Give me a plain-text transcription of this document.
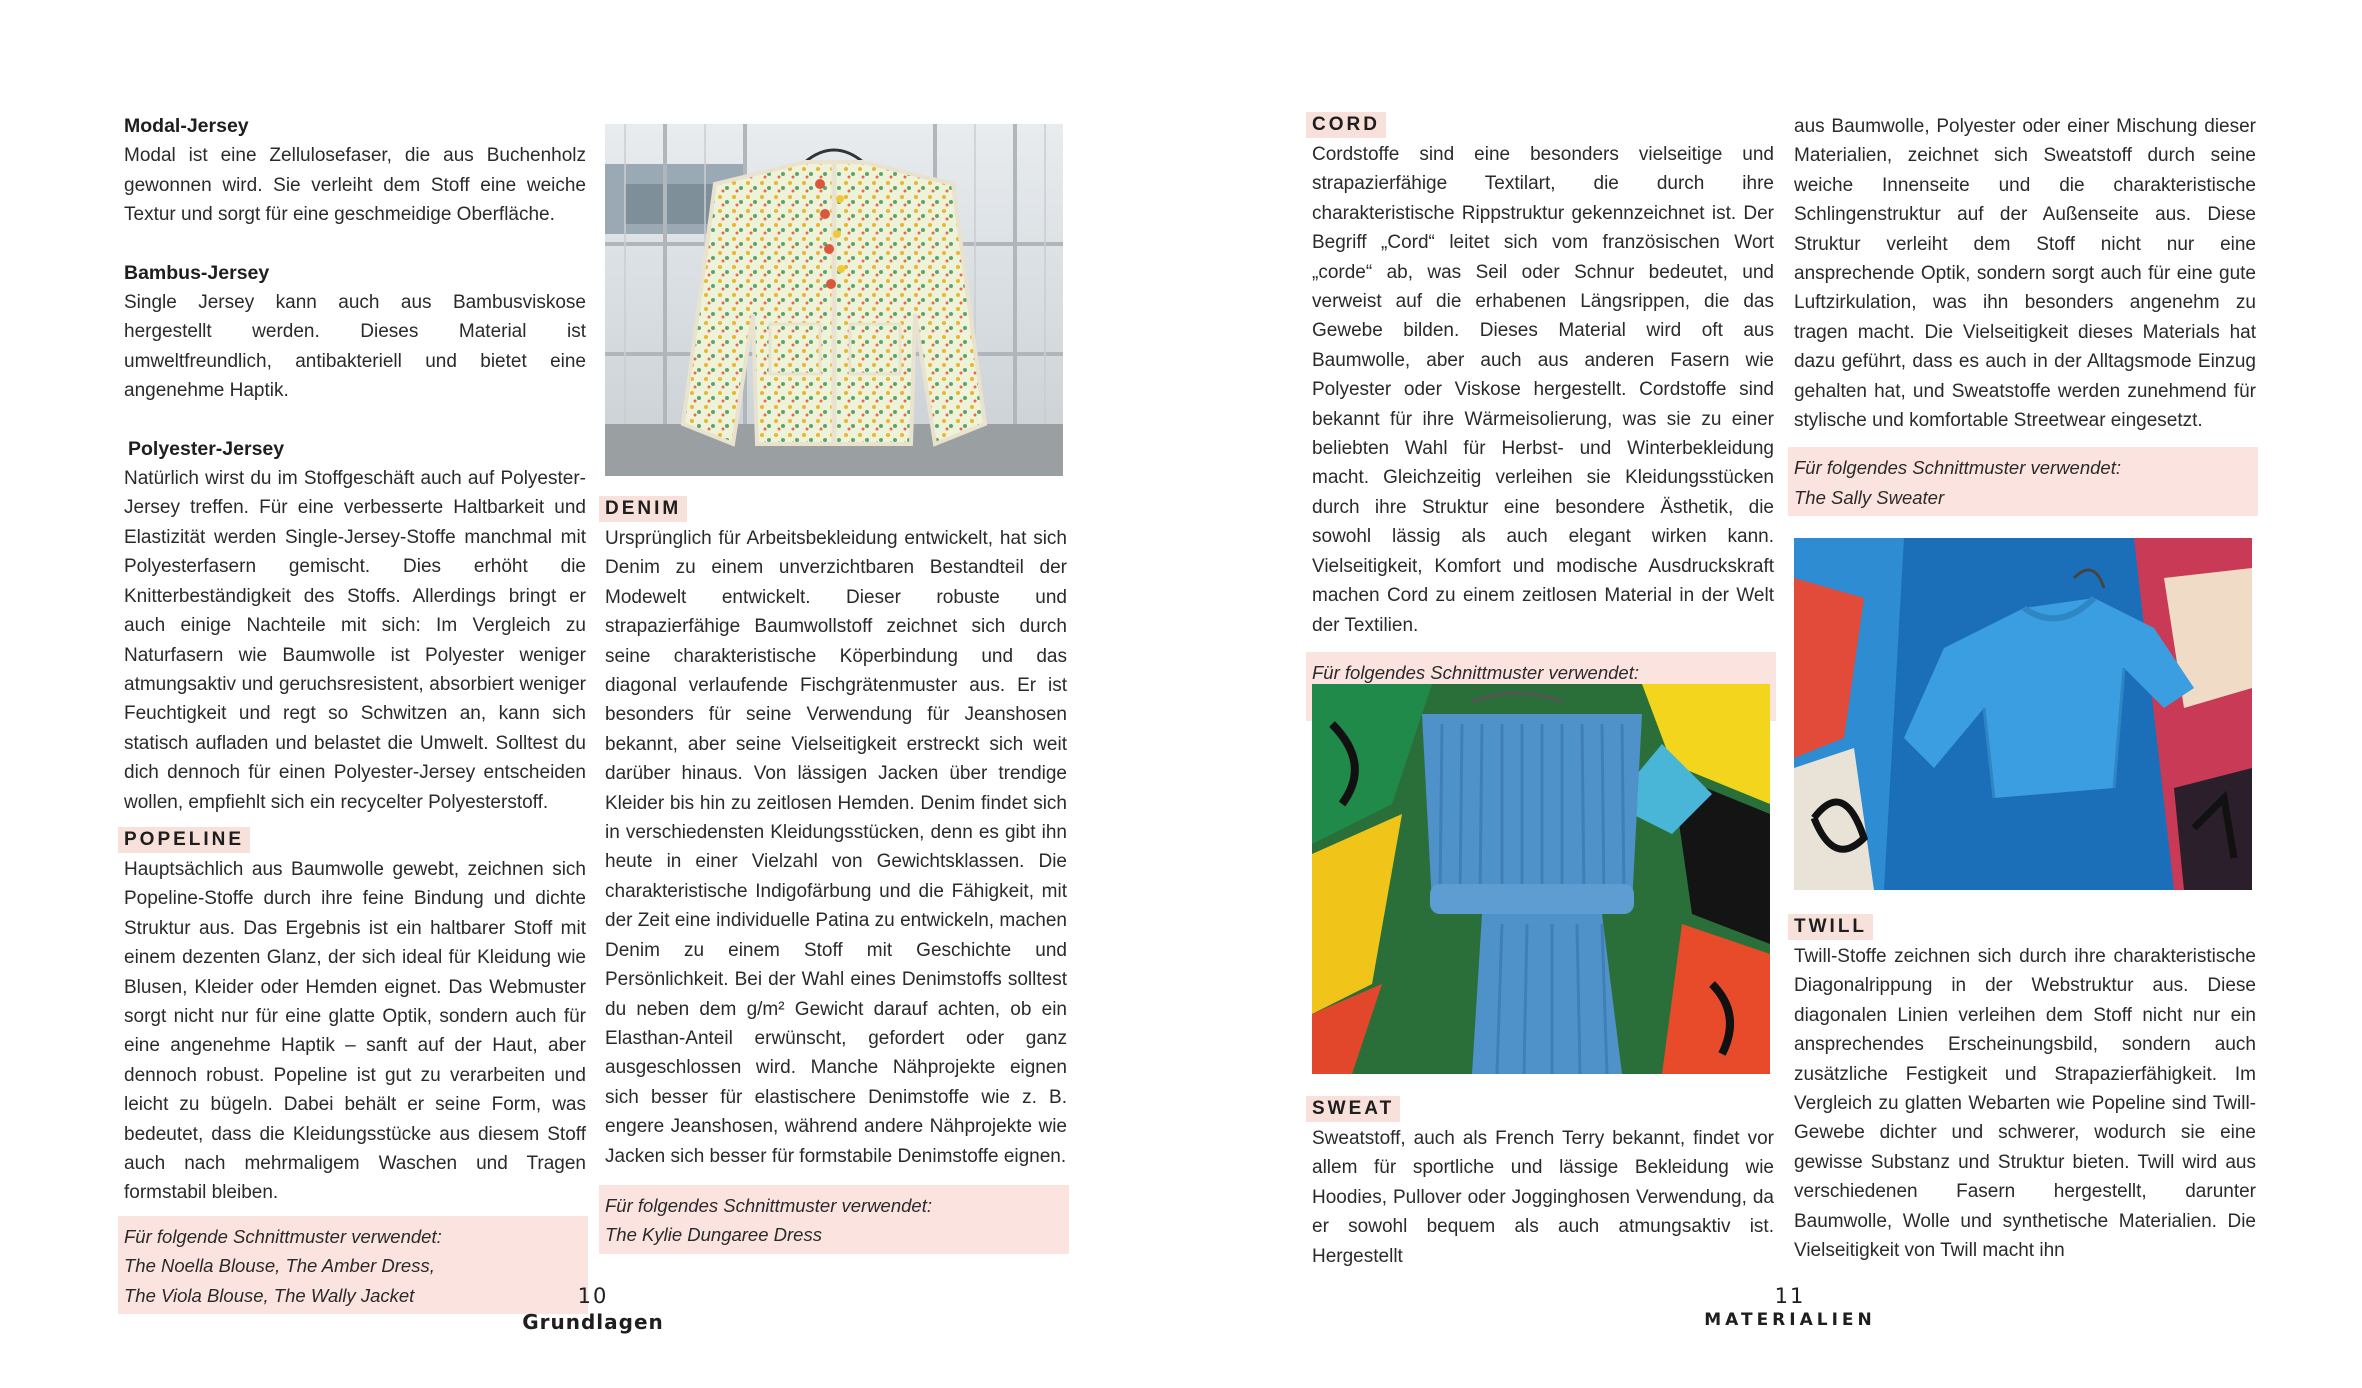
Modal-Jersey

Modal ist eine Zellulosefaser, die aus Buchenholz gewonnen wird. Sie verleiht dem Stoff eine weiche Textur und sorgt für eine geschmeidige Oberfläche.

Bambus-Jersey

Single Jersey kann auch aus Bambusviskose hergestellt werden. Dieses Material ist umweltfreundlich, antibakteriell und bietet eine angenehme Haptik.

Polyester-Jersey

Natürlich wirst du im Stoffgeschäft auch auf Polyester-Jersey treffen. Für eine verbesserte Haltbarkeit und Elastizität werden Single-Jersey-Stoffe manchmal mit Polyesterfasern gemischt. Dies erhöht die Knitterbeständigkeit des Stoffs. Allerdings bringt er auch einige Nachteile mit sich: Im Vergleich zu Naturfasern wie Baumwolle ist Polyester weniger atmungsaktiv und geruchsresistent, absorbiert weniger Feuchtigkeit und regt so Schwitzen an, kann sich statisch aufladen und belastet die Umwelt. Solltest du dich dennoch für einen Polyester-Jersey entscheiden wollen, empfiehlt sich ein recycelter Polyesterstoff.

POPELINE

Hauptsächlich aus Baumwolle gewebt, zeichnen sich Popeline-Stoffe durch ihre feine Bindung und dichte Struktur aus. Das Ergebnis ist ein haltbarer Stoff mit einem dezenten Glanz, der sich ideal für Kleidung wie Blusen, Kleider oder Hemden eignet. Das Webmuster sorgt nicht nur für eine glatte Optik, sondern auch für eine angenehme Haptik – sanft auf der Haut, aber dennoch robust. Popeline ist gut zu verarbeiten und leicht zu bügeln. Dabei behält er seine Form, was bedeutet, dass die Kleidungsstücke aus diesem Stoff auch nach mehrmaligem Waschen und Tragen formstabil bleiben.

Für folgende Schnittmuster verwendet:
The Noella Blouse, The Amber Dress,
The Viola Blouse, The Wally Jacket
DENIM

Ursprünglich für Arbeitsbekleidung entwickelt, hat sich Denim zu einem unverzichtbaren Bestandteil der Modewelt entwickelt. Dieser robuste und strapazierfähige Baumwollstoff zeichnet sich durch seine charakteristische Köperbindung und das diagonal verlaufende Fischgrätenmuster aus. Er ist besonders für seine Verwendung für Jeanshosen bekannt, aber seine Vielseitigkeit erstreckt sich weit darüber hinaus. Von lässigen Jacken über trendige Kleider bis hin zu zeitlosen Hemden. Denim findet sich in verschiedensten Kleidungsstücken, denn es gibt ihn heute in einer Vielzahl von Gewichtsklassen. Die charakteristische Indigofärbung und die Fähigkeit, mit der Zeit eine individuelle Patina zu entwickeln, machen Denim zu einem Stoff mit Geschichte und Persönlichkeit. Bei der Wahl eines Denimstoffs solltest du neben dem g/m² Gewicht darauf achten, ob ein Elasthan-Anteil erwünscht, gefordert oder ganz ausgeschlossen wird. Manche Nähprojekte eignen sich besser für elastischere Denimstoffe wie z. B. engere Jeanshosen, während andere Nähprojekte wie Jacken sich besser für formstabile Denimstoffe eignen.

Für folgendes Schnittmuster verwendet:
The Kylie Dungaree Dress
10
Grundlagen
CORD

Cordstoffe sind eine besonders vielseitige und strapazierfähige Textilart, die durch ihre charakteristische Rippstruktur gekennzeichnet ist. Der Begriff „Cord“ leitet sich vom französischen Wort „corde“ ab, was Seil oder Schnur bedeutet, und verweist auf die erhabenen Längsrippen, die das Gewebe bilden. Dieses Material wird oft aus Baumwolle, aber auch aus anderen Fasern wie Polyester oder Viskose hergestellt. Cordstoffe sind bekannt für ihre Wärmeisolierung, was sie zu einer beliebten Wahl für Herbst- und Winterbekleidung macht. Gleichzeitig verleihen sie Kleidungsstücken durch ihre Struktur eine besondere Ästhetik, die sowohl lässig als auch elegant wirken kann. Vielseitigkeit, Komfort und modische Ausdruckskraft machen Cord zu einem zeitlosen Material in der Welt der Textilien.

Für folgendes Schnittmuster verwendet:
SWEAT

Sweatstoff, auch als French Terry bekannt, findet vor allem für sportliche und lässige Bekleidung wie Hoodies, Pullover oder Jogginghosen Verwendung, da er sowohl bequem als auch atmungsaktiv ist. Hergestellt

aus Baumwolle, Polyester oder einer Mischung dieser Materialien, zeichnet sich Sweatstoff durch seine weiche Innenseite und die charakteristische Schlingenstruktur auf der Außenseite aus. Diese Struktur verleiht dem Stoff nicht nur eine ansprechende Optik, sondern sorgt auch für eine gute Luftzirkulation, was ihn besonders angenehm zu tragen macht. Die Vielseitigkeit dieses Materials hat dazu geführt, dass es auch in der Alltagsmode Einzug gehalten hat, und Sweatstoffe werden zunehmend für stylische und komfortable Streetwear eingesetzt.

Für folgendes Schnittmuster verwendet:
The Sally Sweater
TWILL

Twill-Stoffe zeichnen sich durch ihre charakteristische Diagonalrippung in der Webstruktur aus. Diese diagonalen Linien verleihen dem Stoff nicht nur ein ansprechendes Erscheinungsbild, sondern auch zusätzliche Festigkeit und Strapazierfähigkeit. Im Vergleich zu glatten Webarten wie Popeline sind Twill-Gewebe dichter und schwerer, wodurch sie eine gewisse Substanz und Struktur bieten. Twill wird aus verschiedenen Fasern hergestellt, darunter Baumwolle, Wolle und synthetische Materialien. Die Vielseitigkeit von Twill macht ihn

11
MATERIALIEN
